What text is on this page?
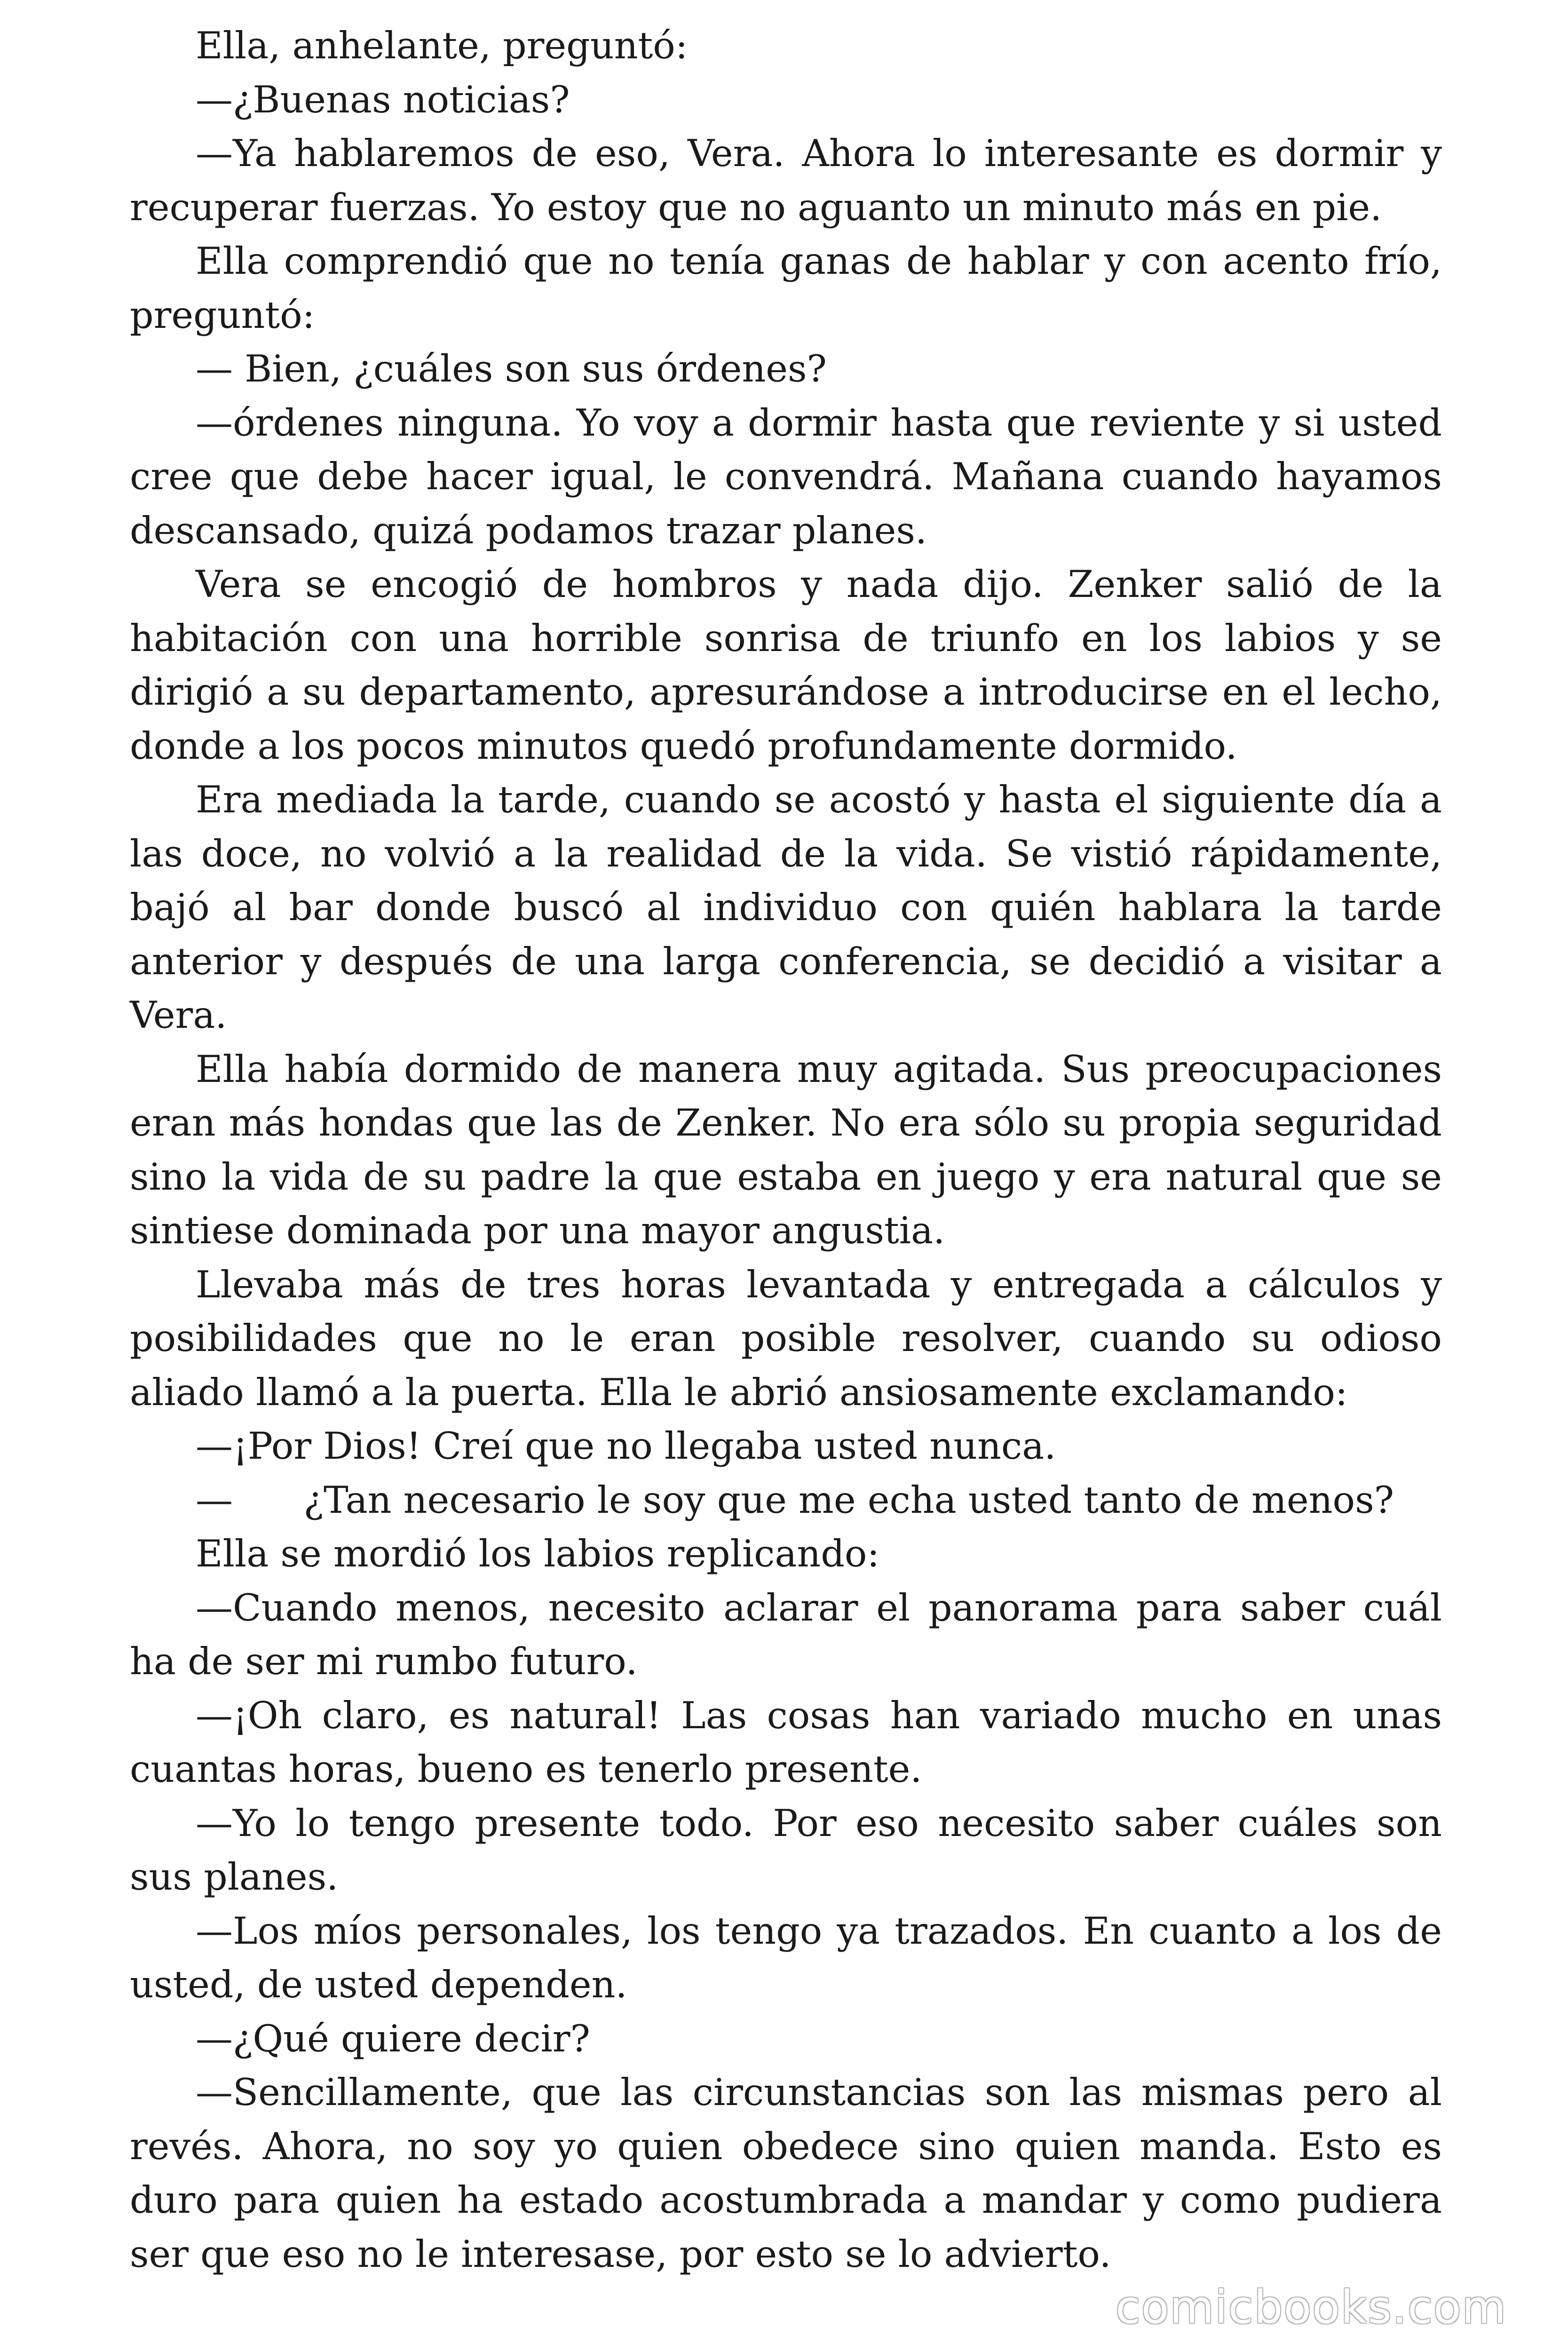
Ella, anhelante, preguntó:

—¿Buenas noticias?

—Ya hablaremos de eso, Vera. Ahora lo interesante es dormir y recuperar fuerzas. Yo estoy que no aguanto un minuto más en pie.

Ella comprendió que no tenía ganas de hablar y con acento frío, preguntó:

— Bien, ¿cuáles son sus órdenes?

—órdenes ninguna. Yo voy a dormir hasta que reviente y si usted cree que debe hacer igual, le convendrá. Mañana cuando hayamos descansado, quizá podamos trazar planes.

Vera se encogió de hombros y nada dijo. Zenker salió de la habitación con una horrible sonrisa de triunfo en los labios y se dirigió a su departamento, apresurándose a introducirse en el lecho, donde a los pocos minutos quedó profundamente dormido.

Era mediada la tarde, cuando se acostó y hasta el siguiente día a las doce, no volvió a la realidad de la vida. Se vistió rápidamente, bajó al bar donde buscó al individuo con quién hablara la tarde anterior y después de una larga conferencia, se decidió a visitar a Vera.

Ella había dormido de manera muy agitada. Sus preocupaciones eran más hondas que las de Zenker. No era sólo su propia seguridad sino la vida de su padre la que estaba en juego y era natural que se sintiese dominada por una mayor angustia.

Llevaba más de tres horas levantada y entregada a cálculos y posibilidades que no le eran posible resolver, cuando su odioso aliado llamó a la puerta. Ella le abrió ansiosamente exclamando:

—¡Por Dios! Creí que no llegaba usted nunca.

—      ¿Tan necesario le soy que me echa usted tanto de menos?

Ella se mordió los labios replicando:

—Cuando menos, necesito aclarar el panorama para saber cuál ha de ser mi rumbo futuro.

—¡Oh claro, es natural! Las cosas han variado mucho en unas cuantas horas, bueno es tenerlo presente.

—Yo lo tengo presente todo. Por eso necesito saber cuáles son sus planes.

—Los míos personales, los tengo ya trazados. En cuanto a los de usted, de usted dependen.

—¿Qué quiere decir?

—Sencillamente, que las circunstancias son las mismas pero al revés. Ahora, no soy yo quien obedece sino quien manda. Esto es duro para quien ha estado acostumbrada a mandar y como pudiera ser que eso no le interesase, por esto se lo advierto.

comicbooks.com
